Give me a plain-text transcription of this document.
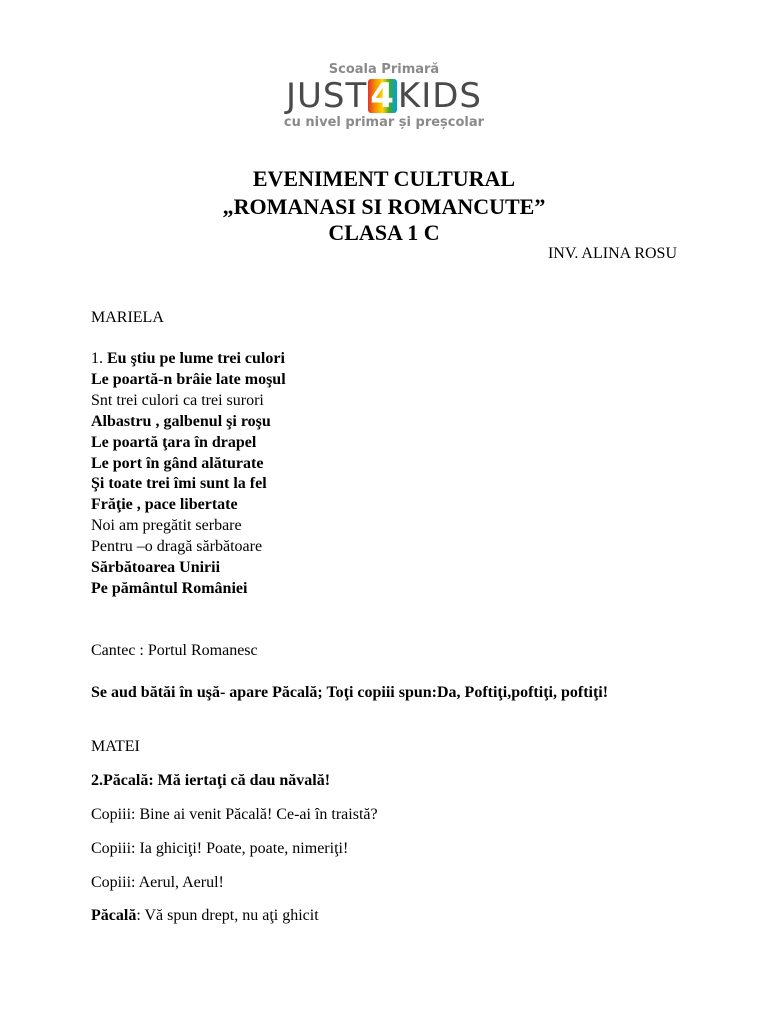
Scoala Primară
JUST4KIDS
cu nivel primar și preșcolar
EVENIMENT CULTURAL
„ROMANASI SI ROMANCUTE”
CLASA 1 C
INV. ALINA ROSU
MARIELA
1. Eu ştiu pe lume trei culori
Le poartă-n brâie late moşul
Snt trei culori ca trei surori
Albastru , galbenul şi roşu
Le poartă ţara în drapel
Le port în gând alăturate
Şi toate trei îmi sunt la fel
Frăţie , pace libertate
Noi am pregătit serbare
Pentru –o dragă sărbătoare
Sărbătoarea Unirii
Pe pământul României
Cantec : Portul Romanesc
Se aud bătăi în uşă- apare Păcală; Toţi copiii spun:Da, Poftiţi,poftiţi, poftiţi!
MATEI
2.Păcală: Mă iertaţi că dau năvală!
Copiii: Bine ai venit Păcală! Ce-ai în traistă?
Copiii: Ia ghiciţi! Poate, poate, nimeriţi!
Copiii: Aerul, Aerul!
Păcală: Vă spun drept, nu aţi ghicit
